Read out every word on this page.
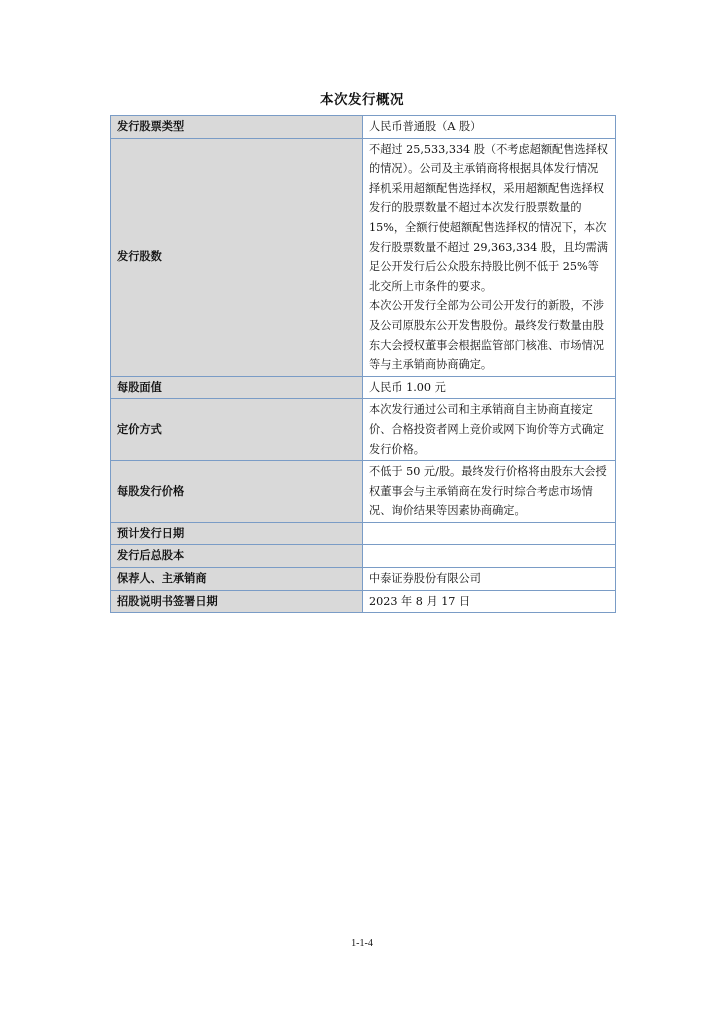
本次发行概况
发行股票类型	人民币普通股（A 股）

发行股数	不超过 25,533,334 股（不考虑超额配售选择权的情况）。公司及主承销商将根据具体发行情况择机采用超额配售选择权，采用超额配售选择权发行的股票数量不超过本次发行股票数量的 15%，全额行使超额配售选择权的情况下，本次发行股票数量不超过 29,363,334 股，且均需满足公开发行后公众股东持股比例不低于 25%等北交所上市条件的要求。

本次公开发行全部为公司公开发行的新股，不涉及公司原股东公开发售股份。最终发行数量由股东大会授权董事会根据监管部门核准、市场情况等与主承销商协商确定。

每股面值	人民币 1.00 元

定价方式	本次发行通过公司和主承销商自主协商直接定价、合格投资者网上竞价或网下询价等方式确定发行价格。

每股发行价格	不低于 50 元/股。最终发行价格将由股东大会授权董事会与主承销商在发行时综合考虑市场情况、询价结果等因素协商确定。

预计发行日期	

发行后总股本	

保荐人、主承销商	中泰证券股份有限公司

招股说明书签署日期	2023 年 8 月 17 日

1-1-4
